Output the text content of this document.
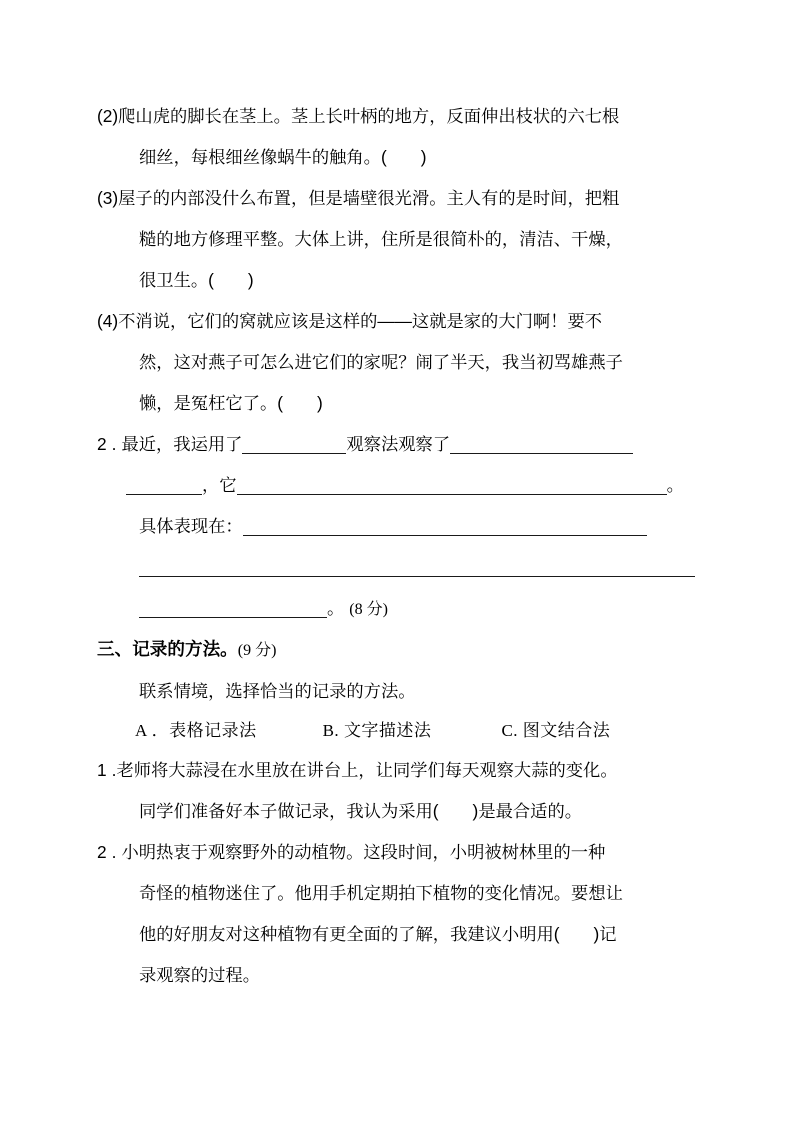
(2)爬山虎的脚长在茎上。茎上长叶柄的地方，反面伸出枝状的六七根
细丝，每根细丝像蜗牛的触角。( )
(3)屋子的内部没什么布置，但是墙壁很光滑。主人有的是时间，把粗
糙的地方修理平整。大体上讲，住所是很简朴的，清洁、干燥，
很卫生。( )
(4)不消说，它们的窝就应该是这样的——这就是家的大门啊！要不
然，这对燕子可怎么进它们的家呢？闹了半天，我当初骂雄燕子
懒，是冤枉它了。( )
2 . 最近，我运用了	观察法观察了
，它	。
具体表现在：
。 (8 分)
三、记录的方法。(9 分)
联系情境，选择恰当的记录的方法。
A ．表格记录法	B. 文字描述法	C. 图文结合法
1 .老师将大蒜浸在水里放在讲台上，让同学们每天观察大蒜的变化。
同学们准备好本子做记录，我认为采用( )是最合适的。
2 . 小明热衷于观察野外的动植物。这段时间，小明被树林里的一种
奇怪的植物迷住了。他用手机定期拍下植物的变化情况。要想让
他的好朋友对这种植物有更全面的了解，我建议小明用( )记
录观察的过程。
